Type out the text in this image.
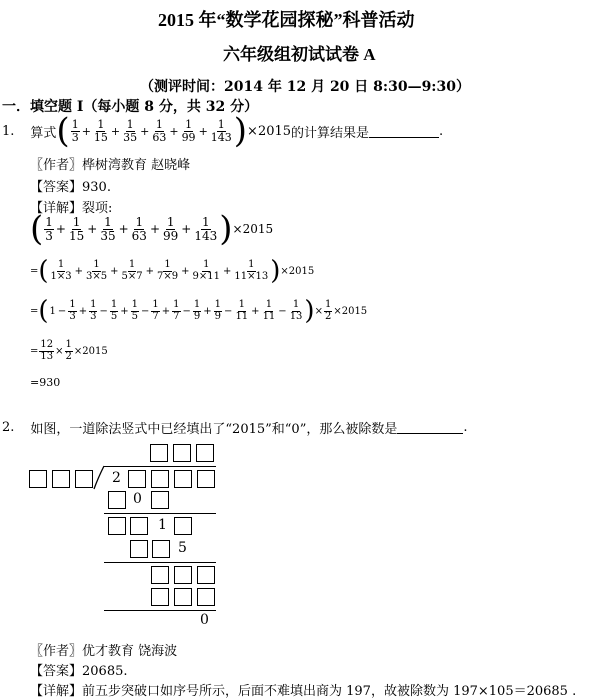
2015 年“数学花园探秘”科普活动
六年级组初试试卷 A
（测评时间：2014 年 12 月 20 日 8:30—9:30）
一．填空题 Ⅰ（每小题 8 分，共 32 分）
1. 算式 ( $\frac{1}{3} + \frac{1}{15} + \frac{1}{35} + \frac{1}{63} + \frac{1}{99} + \frac{1}{143}$ ) ×2015 的计算结果是	.
〖作者〗桦树湾教育 赵晓峰
【答案】930.
【详解】裂项:
( $\frac{1}{3} + \frac{1}{15} + \frac{1}{35} + \frac{1}{63} + \frac{1}{99} + \frac{1}{143}$ ) ×2015
= ( $\frac{1}{1\times 3} + \frac{1}{3\times 5} + \frac{1}{5\times 7} + \frac{1}{7\times 9} + \frac{1}{9\times 11} + \frac{1}{11\times 13}$ ) ×2015
= ( $1 - \frac{1}{3} + \frac{1}{3} - \frac{1}{5} + \frac{1}{5} - \frac{1}{7} + \frac{1}{7} - \frac{1}{9} + \frac{1}{9} - \frac{1}{11} + \frac{1}{11} - \frac{1}{13}$ ) × $\frac{1}{2} \times 2015$
= $\frac{12}{13} \times \frac{1}{2} \times 2015$
=930
2. 如图，一道除法竖式中已经填出了“2015”和“0”，那么被除数是	.
2
0
1
5
0
〖作者〗优才教育 饶海波
【答案】20685.
【详解】前五步突破口如序号所示，后面不难填出商为 197，故被除数为 197×105＝20685 .
